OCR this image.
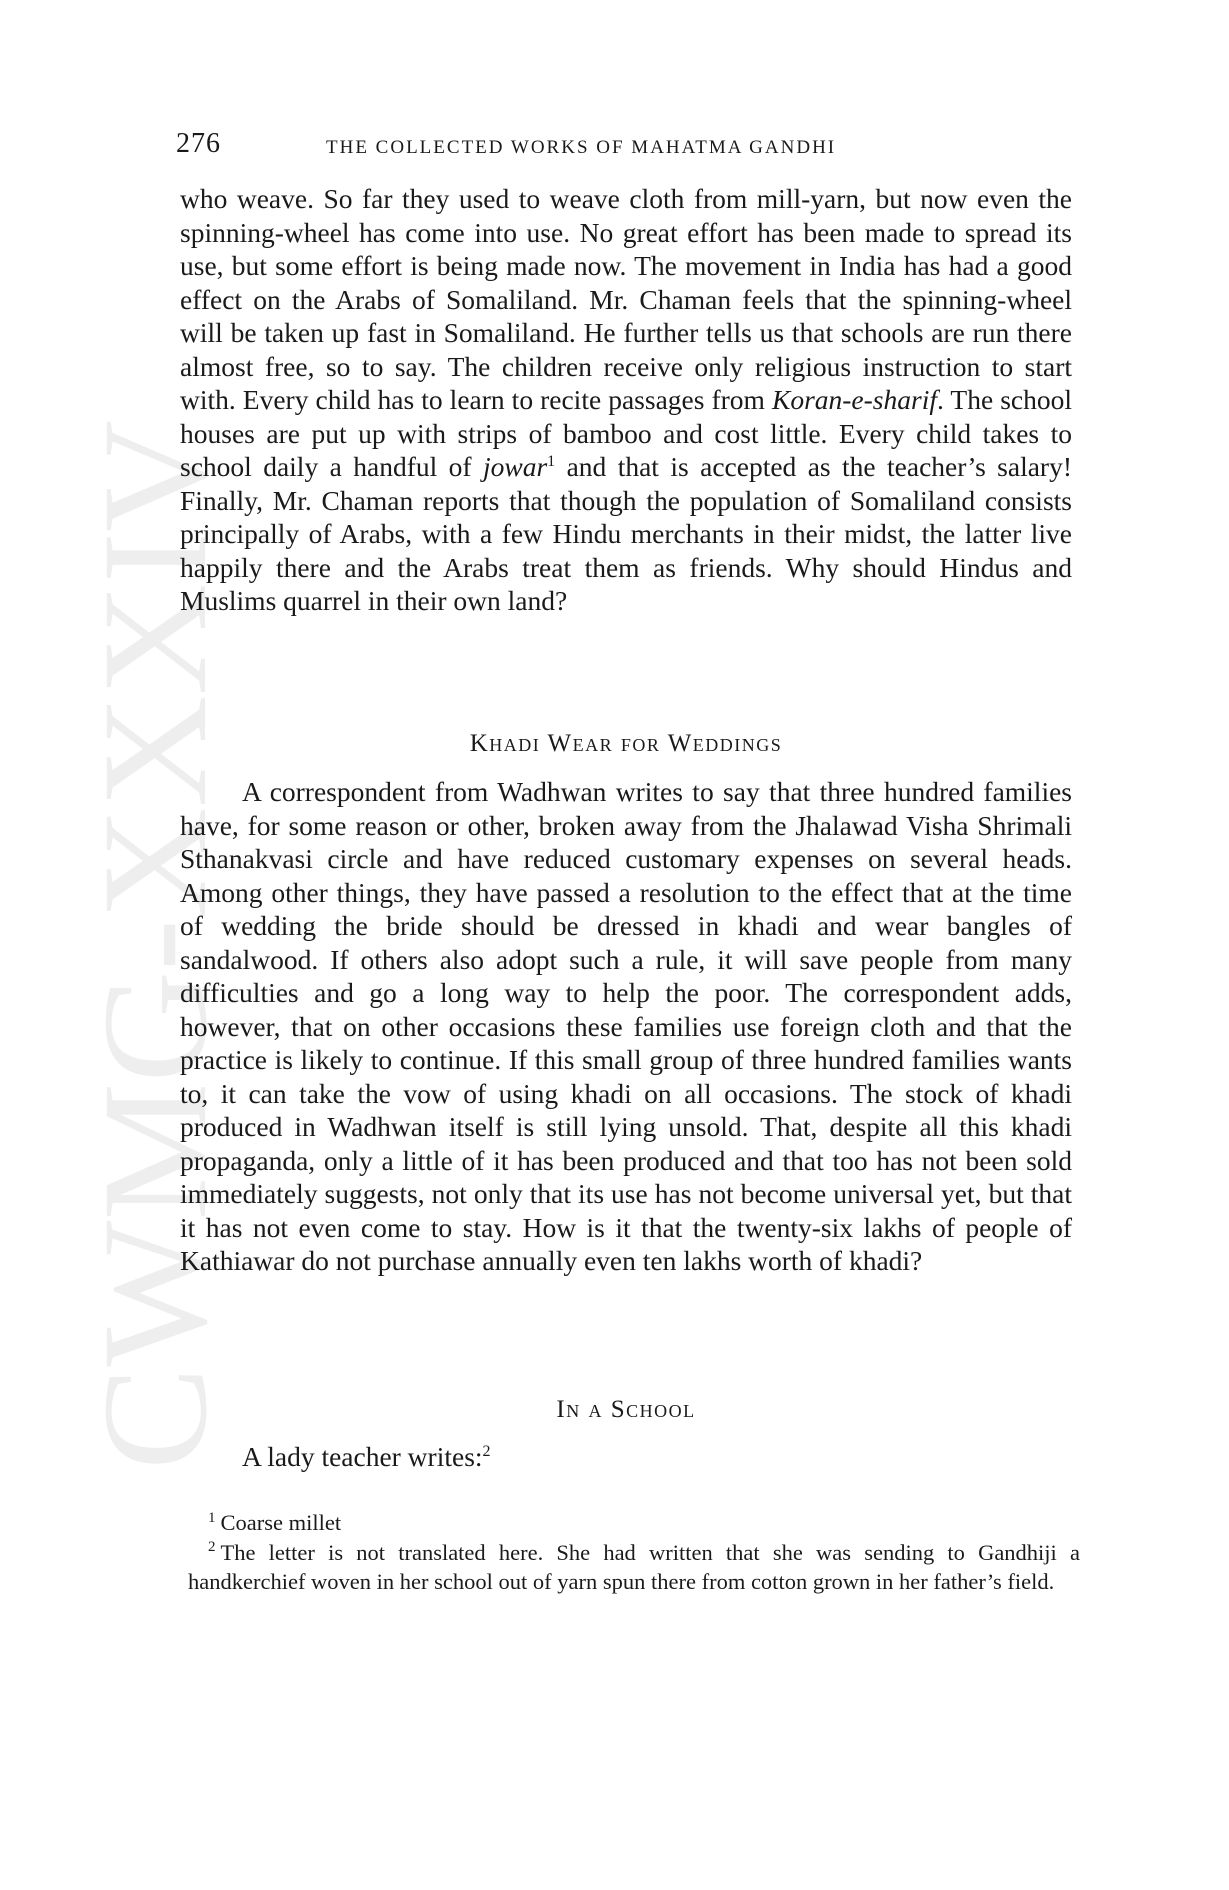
CWMG-XXXIV
276	THE COLLECTED WORKS OF MAHATMA GANDHI
who weave. So far they used to weave cloth from mill-yarn, but now even the spinning-wheel has come into use. No great effort has been made to spread its use, but some effort is being made now. The movement in India has had a good effect on the Arabs of Somaliland. Mr. Chaman feels that the spinning-wheel will be taken up fast in Somaliland. He further tells us that schools are run there almost free, so to say. The children receive only religious instruction to start with. Every child has to learn to recite passages from Koran-e-sharif. The school houses are put up with strips of bamboo and cost little. Every child takes to school daily a handful of jowar$^1$ and that is accepted as the teacher’s salary! Finally, Mr. Chaman reports that though the population of Somaliland consists principally of Arabs, with a few Hindu merchants in their midst, the latter live happily there and the Arabs treat them as friends. Why should Hindus and Muslims quarrel in their own land?
Khadi Wear for Weddings
A correspondent from Wadhwan writes to say that three hundred families have, for some reason or other, broken away from the Jhalawad Visha Shrimali Sthanakvasi circle and have reduced customary expenses on several heads. Among other things, they have passed a resolution to the effect that at the time of wedding the bride should be dressed in khadi and wear bangles of sandalwood. If others also adopt such a rule, it will save people from many difficulties and go a long way to help the poor. The correspondent adds, however, that on other occasions these families use foreign cloth and that the practice is likely to continue. If this small group of three hundred families wants to, it can take the vow of using khadi on all occasions. The stock of khadi produced in Wadhwan itself is still lying unsold. That, despite all this khadi propaganda, only a little of it has been produced and that too has not been sold immediately suggests, not only that its use has not become universal yet, but that it has not even come to stay. How is it that the twenty-six lakhs of people of Kathiawar do not purchase annually even ten lakhs worth of khadi?
In a School
A lady teacher writes:$^2$
$^1$ Coarse millet
$^2$ The letter is not translated here. She had written that she was sending to Gandhiji a handkerchief woven in her school out of yarn spun there from cotton grown in her father’s field.
